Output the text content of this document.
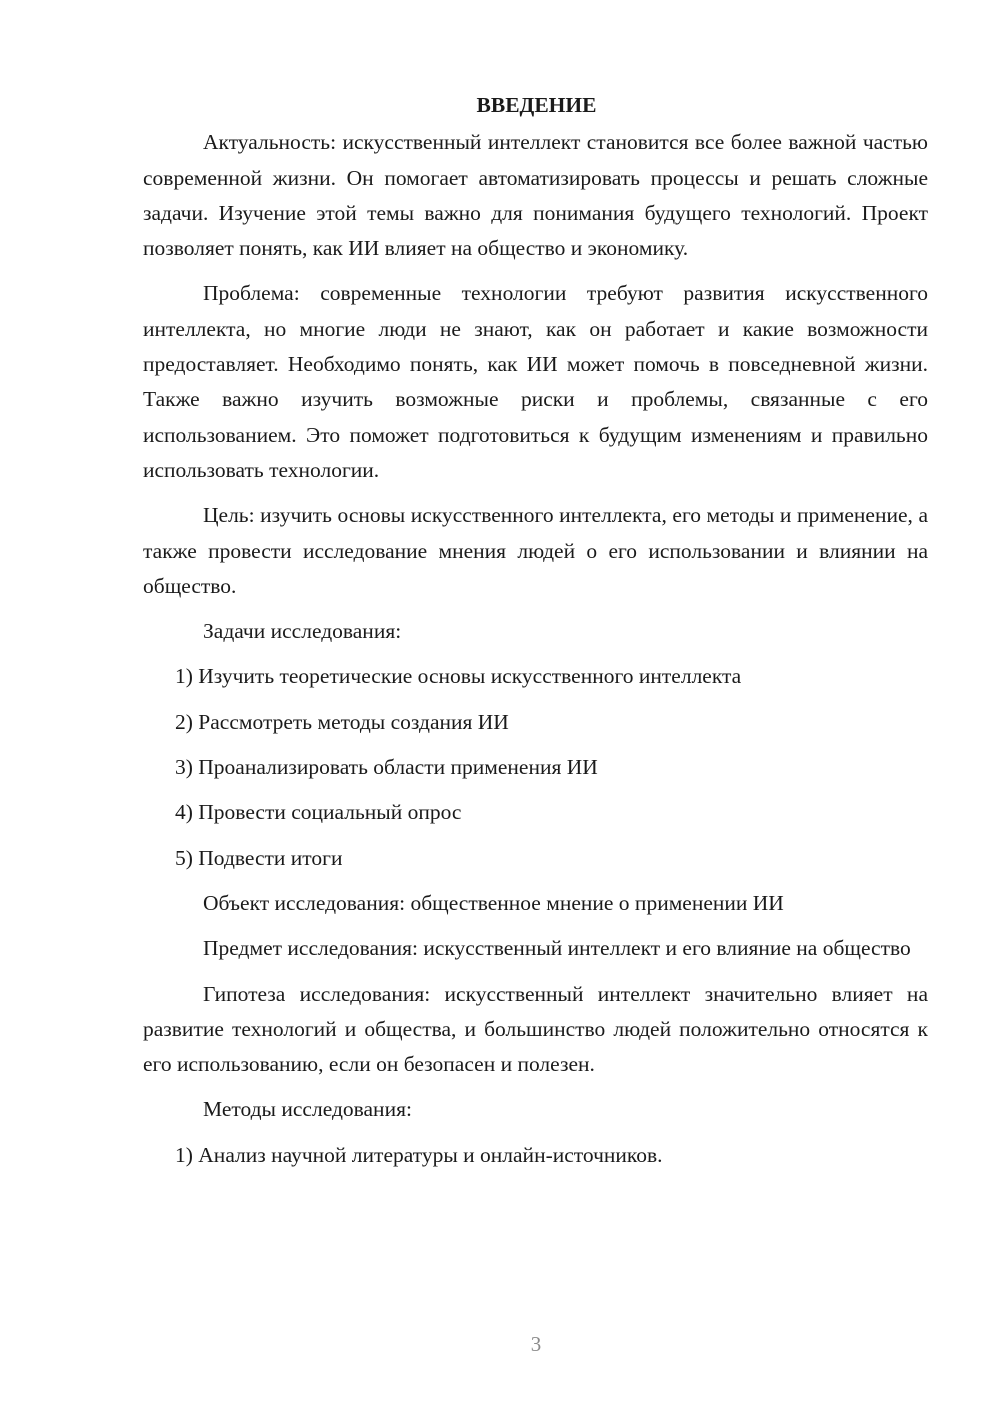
ВВЕДЕНИЕ

Актуальность: искусственный интеллект становится все более важной частью современной жизни. Он помогает автоматизировать процессы и решать сложные задачи. Изучение этой темы важно для понимания будущего технологий. Проект позволяет понять, как ИИ влияет на общество и экономику.

Проблема: современные технологии требуют развития искусственного интеллекта, но многие люди не знают, как он работает и какие возможности предоставляет. Необходимо понять, как ИИ может помочь в повседневной жизни. Также важно изучить возможные риски и проблемы, связанные с его использованием. Это поможет подготовиться к будущим изменениям и правильно использовать технологии.

Цель: изучить основы искусственного интеллекта, его методы и применение, а также провести исследование мнения людей о его использовании и влиянии на общество.

Задачи исследования:

1) Изучить теоретические основы искусственного интеллекта

2) Рассмотреть методы создания ИИ

3) Проанализировать области применения ИИ

4) Провести социальный опрос

5) Подвести итоги

Объект исследования: общественное мнение о применении ИИ

Предмет исследования: искусственный интеллект и его влияние на общество

Гипотеза исследования: искусственный интеллект значительно влияет на развитие технологий и общества, и большинство людей положительно относятся к его использованию, если он безопасен и полезен.

Методы исследования:

1) Анализ научной литературы и онлайн-источников.

3
